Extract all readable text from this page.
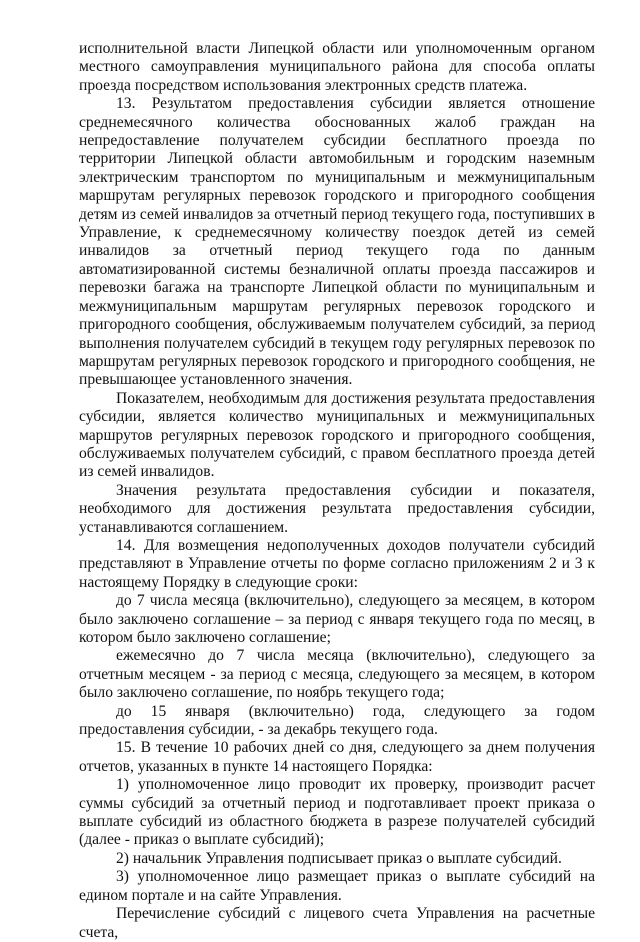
исполнительной власти Липецкой области или уполномоченным органом местного самоуправления муниципального района для способа оплаты проезда посредством использования электронных средств платежа.

13. Результатом предоставления субсидии является отношение среднемесячного количества обоснованных жалоб граждан на непредоставление получателем субсидии бесплатного проезда по территории Липецкой области автомобильным и городским наземным электрическим транспортом по муниципальным и межмуниципальным маршрутам регулярных перевозок городского и пригородного сообщения детям из семей инвалидов за отчетный период текущего года, поступивших в Управление, к среднемесячному количеству поездок детей из семей инвалидов за отчетный период текущего года по данным автоматизированной системы безналичной оплаты проезда пассажиров и перевозки багажа на транспорте Липецкой области по муниципальным и межмуниципальным маршрутам регулярных перевозок городского и пригородного сообщения, обслуживаемым получателем субсидий, за период выполнения получателем субсидий в текущем году регулярных перевозок по маршрутам регулярных перевозок городского и пригородного сообщения, не превышающее установленного значения.

Показателем, необходимым для достижения результата предоставления субсидии, является количество муниципальных и межмуниципальных маршрутов регулярных перевозок городского и пригородного сообщения, обслуживаемых получателем субсидий, с правом бесплатного проезда детей из семей инвалидов.

Значения результата предоставления субсидии и показателя, необходимого для достижения результата предоставления субсидии, устанавливаются соглашением.

14. Для возмещения недополученных доходов получатели субсидий представляют в Управление отчеты по форме согласно приложениям 2 и 3 к настоящему Порядку в следующие сроки:

до 7 числа месяца (включительно), следующего за месяцем, в котором было заключено соглашение – за период с января текущего года по месяц, в котором было заключено соглашение;

ежемесячно до 7 числа месяца (включительно), следующего за отчетным месяцем - за период с месяца, следующего за месяцем, в котором было заключено соглашение, по ноябрь текущего года;

до 15 января (включительно) года, следующего за годом предоставления субсидии, - за декабрь текущего года.

15. В течение 10 рабочих дней со дня, следующего за днем получения отчетов, указанных в пункте 14 настоящего Порядка:

1) уполномоченное лицо проводит их проверку, производит расчет суммы субсидий за отчетный период и подготавливает проект приказа о выплате субсидий из областного бюджета в разрезе получателей субсидий (далее - приказ о выплате субсидий);

2) начальник Управления подписывает приказ о выплате субсидий.

3) уполномоченное лицо размещает приказ о выплате субсидий на едином портале и на сайте Управления.

Перечисление субсидий с лицевого счета Управления на расчетные счета,
